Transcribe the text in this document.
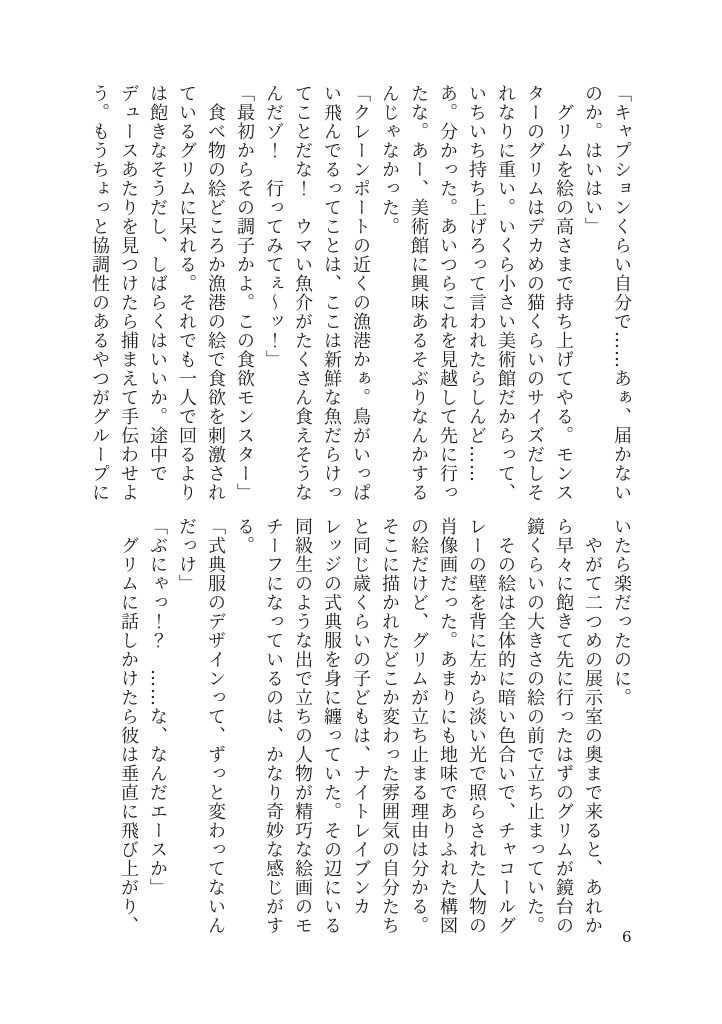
「キャプションくらい自分で……あぁ、届かないのか。はいはい」

　グリムを絵の高さまで持ち上げてやる。モンスターのグリムはデカめの猫くらいのサイズだしそれなりに重い。いくら小さい美術館だからって、いちいち持ち上げろって言われたらしんど……あ。分かった。あいつらこれを見越して先に行ったな。あー、美術館に興味あるそぶりなんかするんじゃなかった。

「クレーンポートの近くの漁港かぁ。鳥がいっぱい飛んでるってことは、ここは新鮮な魚だらけってことだな！　ウマい魚介がたくさん食えそうなんだゾ！　行ってみてぇ～ッ！」

「最初からその調子かよ。この食欲モンスター」

　食べ物の絵どころか漁港の絵で食欲を刺激されているグリムに呆れる。それでも一人で回るよりは飽きなそうだし、しばらくはいいか。途中でデュースあたりを見つけたら捕まえて手伝わせよう。もうちょっと協調性のあるやつがグループに

いたら楽だったのに。

　やがて二つめの展示室の奥まで来ると、あれから早々に飽きて先に行ったはずのグリムが鏡台の鏡くらいの大きさの絵の前で立ち止まっていた。

　その絵は全体的に暗い色合いで、チャコールグレーの壁を背に左から淡い光で照らされた人物の肖像画だった。あまりにも地味でありふれた構図の絵だけど、グリムが立ち止まる理由は分かる。そこに描かれたどこか変わった雰囲気の自分たちと同じ歳くらいの子どもは、ナイトレイブンカレッジの式典服を身に纏っていた。その辺にいる同級生のような出で立ちの人物が精巧な絵画のモチーフになっているのは、かなり奇妙な感じがする。

「式典服のデザインって、ずっと変わってないんだっけ」

「ぶにゃっ！？　……な、なんだエースか」

　グリムに話しかけたら彼は垂直に飛び上がり、

6
